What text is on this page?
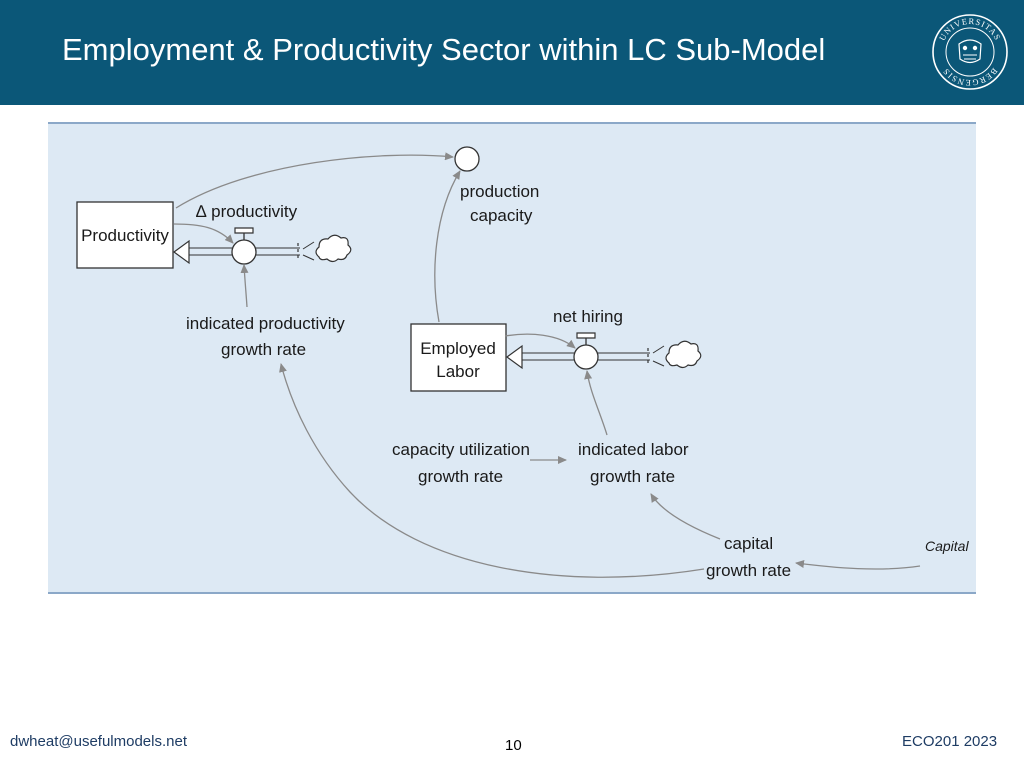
Employment & Productivity Sector within LC Sub-Model	UNIVERSITAS
BERGENSIS
Productivity
∆ productivity
production
capacity
Employed
Labor
net hiring
indicated productivity
growth rate
capacity utilization
growth rate
indicated labor
growth rate
capital
growth rate
Capital
dwheat@usefulmodels.net	10	ECO201 2023
